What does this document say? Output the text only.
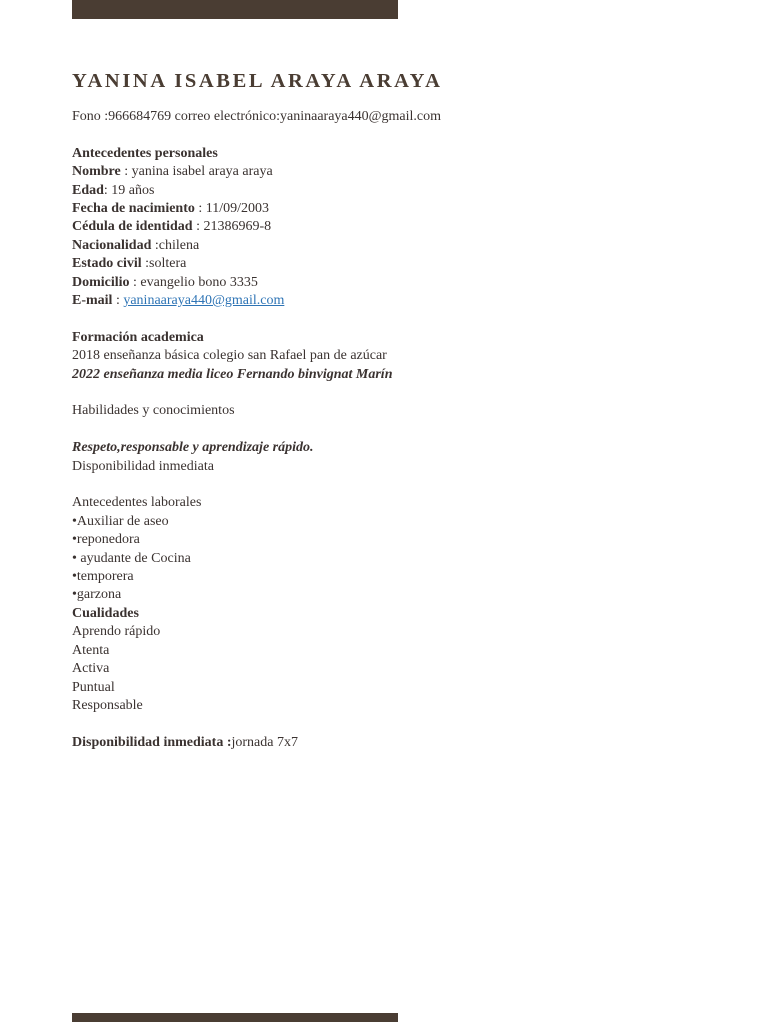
YANINA ISABEL ARAYA ARAYA

Fono :966684769 correo electrónico:yaninaaraya440@gmail.com

Antecedentes personales

Nombre : yanina isabel araya araya

Edad: 19 años

Fecha de nacimiento : 11/09/2003

Cédula de identidad : 21386969-8

Nacionalidad :chilena

Estado civil :soltera

Domicilio : evangelio bono 3335

E-mail : yaninaaraya440@gmail.com

Formación academica

2018 enseñanza básica colegio san Rafael pan de azúcar

2022 enseñanza media liceo Fernando binvignat Marín

Habilidades y conocimientos

Respeto,responsable y aprendizaje rápido.

Disponibilidad inmediata

Antecedentes laborales

•Auxiliar de aseo

•reponedora

• ayudante de Cocina

•temporera

•garzona

Cualidades

Aprendo rápido

Atenta

Activa

Puntual

Responsable

Disponibilidad inmediata :jornada 7x7
